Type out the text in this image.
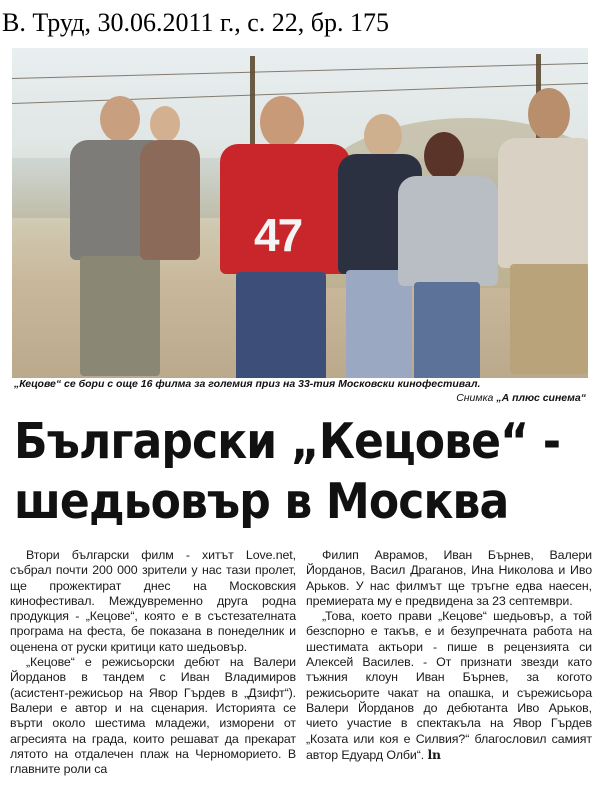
В. Труд, 30.06.2011 г., с. 22, бр. 175
47
„Кецове“ се бори с още 16 филма за големия приз на 33-тия Московски кинофестивал.
Снимка „А плюс синема“
Български „Кецове“ -
шедьовър в Москва

Втори български филм - хитът Love.net, събрал почти 200 000 зрители у нас тази пролет, ще прожектират днес на Московския кинофестивал. Междувременно друга родна продукция - „Кецове“, която е в състезателната програма на феста, бе показана в понеделник и оценена от руски критици като шедьовър.

„Кецове“ е режисьорски дебют на Валери Йорданов в тандем с Иван Владимиров (асистент-режисьор на Явор Гърдев в „Дзифт“). Валери е автор и на сценария. Историята се върти около шестима младежи, изморени от агресията на града, които решават да прекарат лятото на отдалечен плаж на Черноморието. В главните роли са

Филип Аврамов, Иван Бърнев, Валери Йорданов, Васил Драганов, Ина Николова и Иво Арьков. У нас филмът ще тръгне едва наесен, премиерата му е предвидена за 23 септември.

„Това, което прави „Кецове“ шедьовър, а той безспорно е такъв, е и безупречната работа на шестимата актьори - пише в рецензията си Алексей Василев. - От признати звезди като тъжния клоун Иван Бърнев, за когото режисьорите чакат на опашка, и сърежисьора Валери Йорданов до дебютанта Иво Арьков, чието участие в спектакъла на Явор Гърдев „Козата или коя е Силвия?“ благословил самият автор Едуард Олби“. ln
